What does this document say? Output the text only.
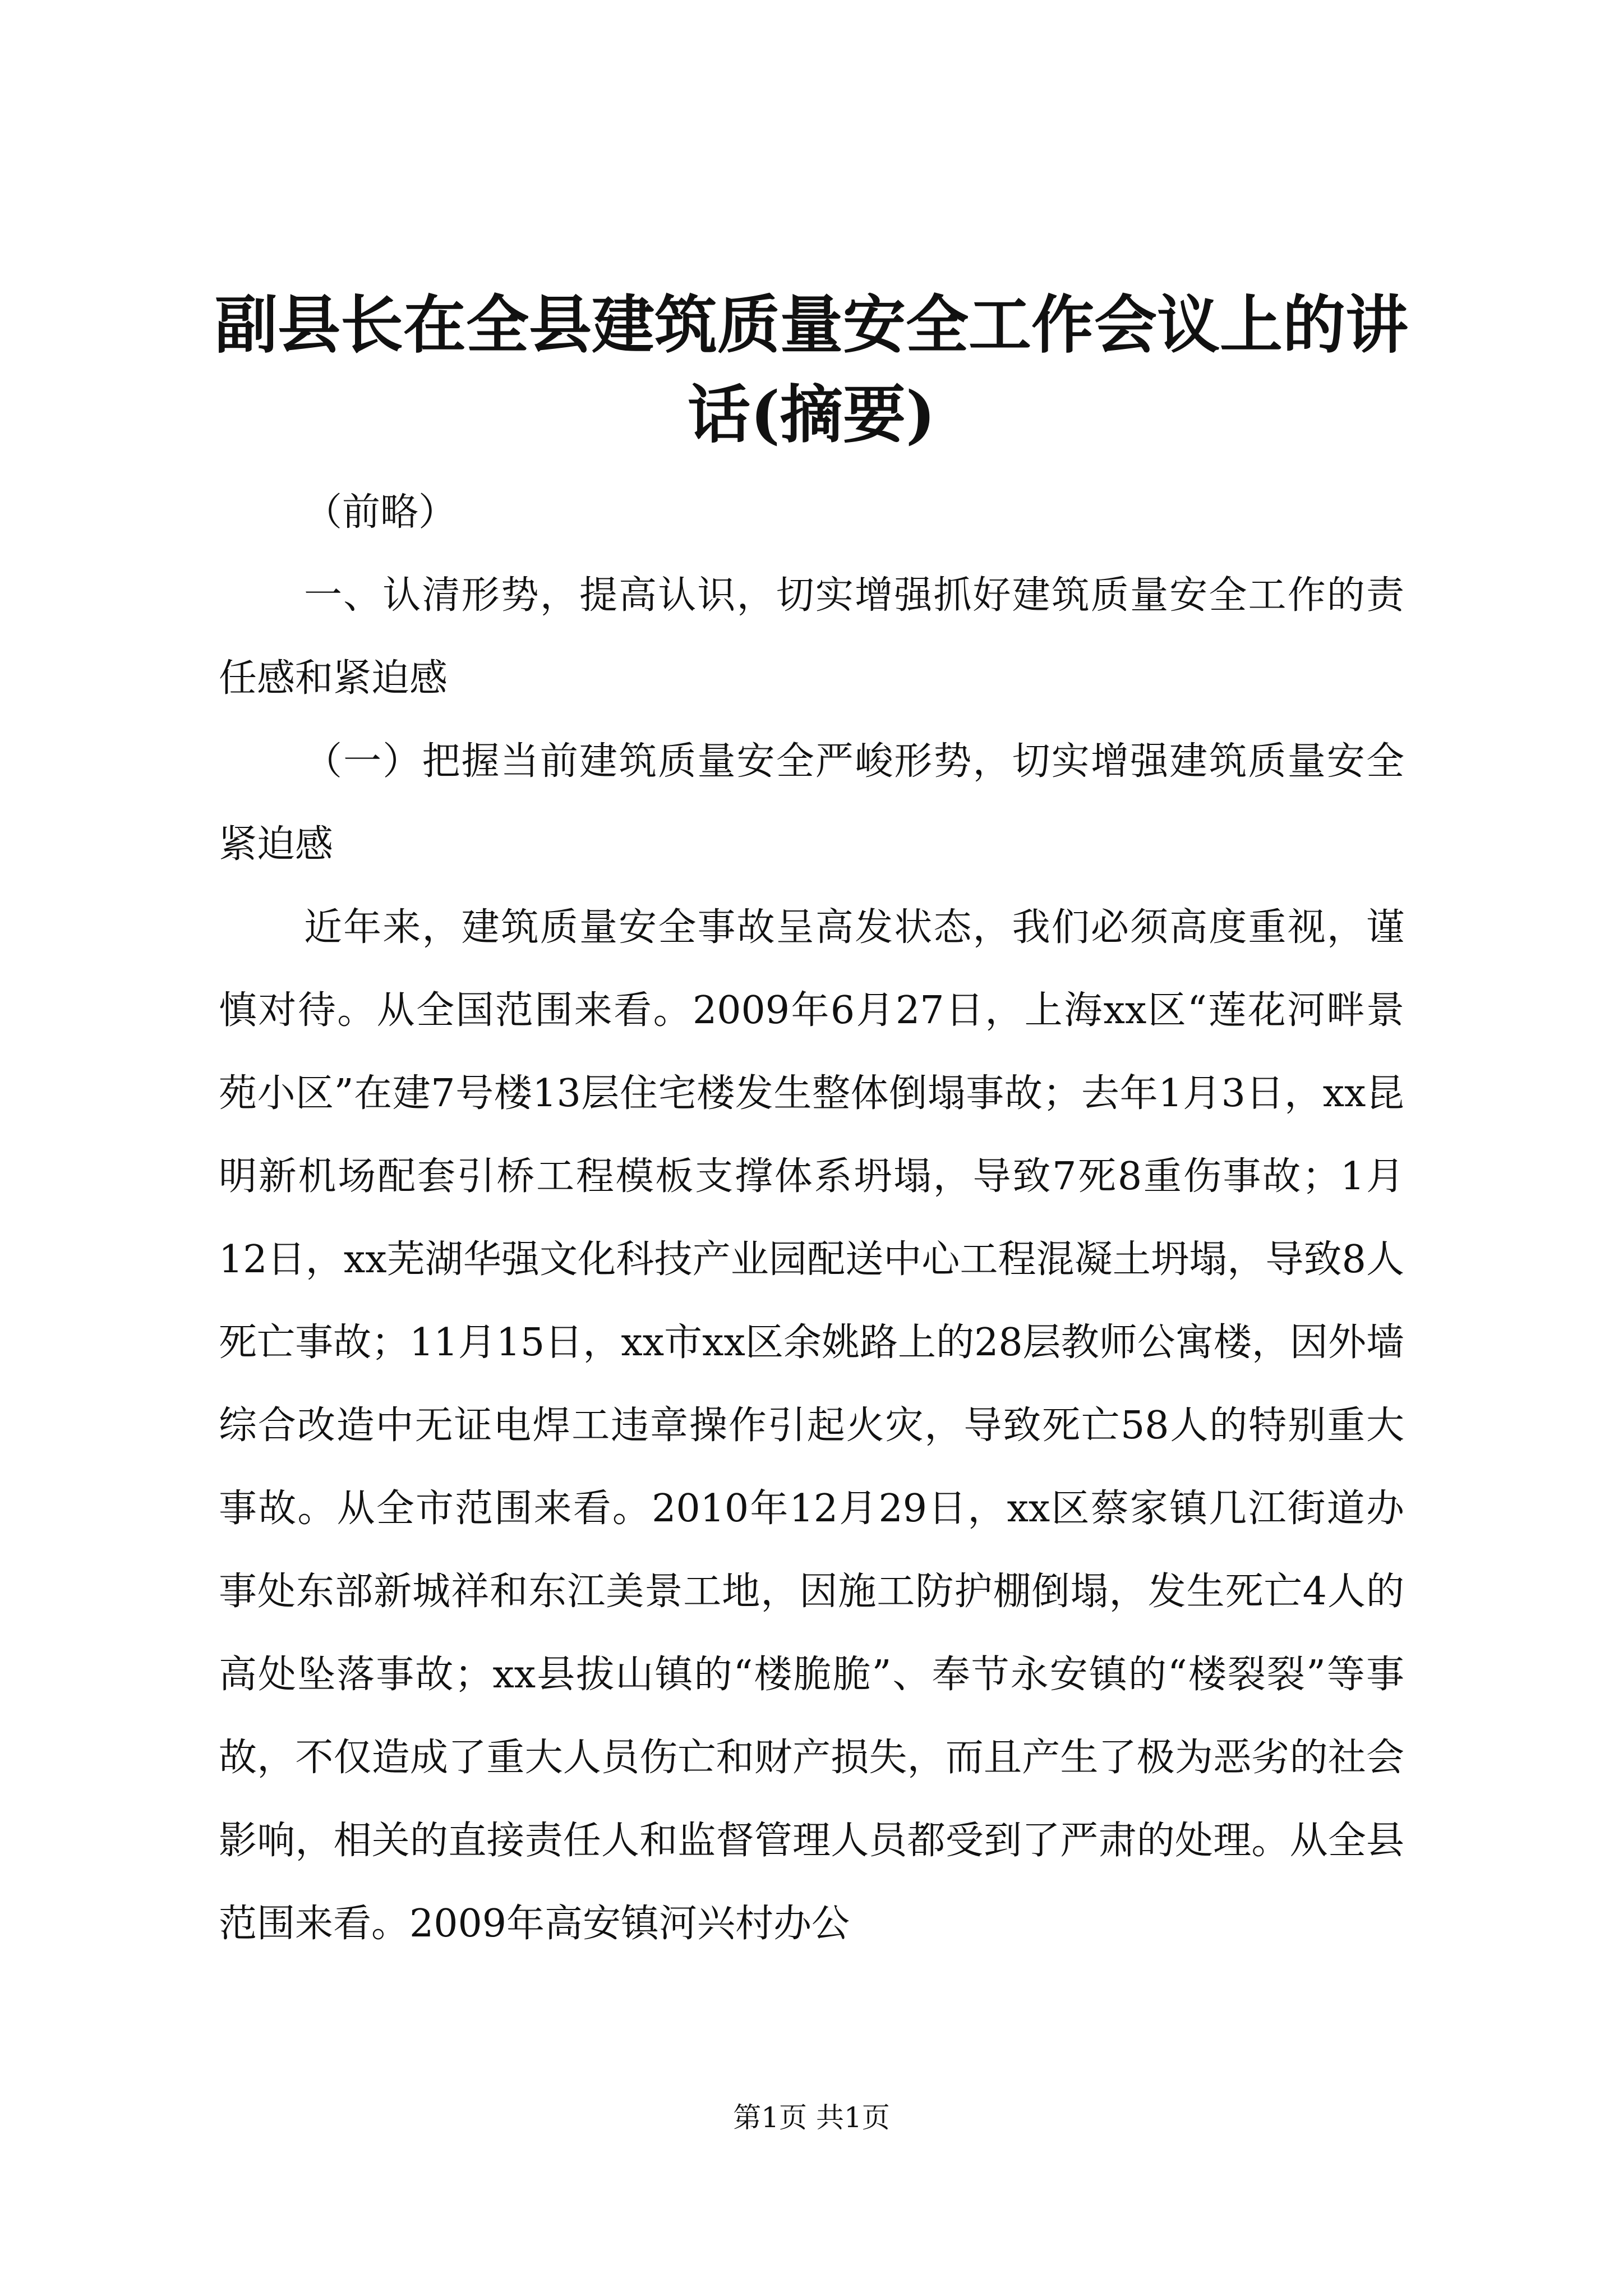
副县长在全县建筑质量安全工作会议上的讲话(摘要)

（前略）

一、认清形势，提高认识，切实增强抓好建筑质量安全工作的责任感和紧迫感

（一）把握当前建筑质量安全严峻形势，切实增强建筑质量安全紧迫感

近年来，建筑质量安全事故呈高发状态，我们必须高度重视，谨慎对待。从全国范围来看。2009年6月27日，上海xx区“莲花河畔景苑小区”在建7号楼13层住宅楼发生整体倒塌事故；去年1月3日，xx昆明新机场配套引桥工程模板支撑体系坍塌，导致7死8重伤事故；1月12日，xx芜湖华强文化科技产业园配送中心工程混凝土坍塌，导致8人死亡事故；11月15日，xx市xx区余姚路上的28层教师公寓楼，因外墙综合改造中无证电焊工违章操作引起火灾，导致死亡58人的特别重大事故。从全市范围来看。2010年12月29日，xx区蔡家镇几江街道办事处东部新城祥和东江美景工地，因施工防护棚倒塌，发生死亡4人的高处坠落事故；xx县拔山镇的“楼脆脆”、奉节永安镇的“楼裂裂”等事故，不仅造成了重大人员伤亡和财产损失，而且产生了极为恶劣的社会影响，相关的直接责任人和监督管理人员都受到了严肃的处理。从全县范围来看。2009年高安镇河兴村办公

第1页 共1页
